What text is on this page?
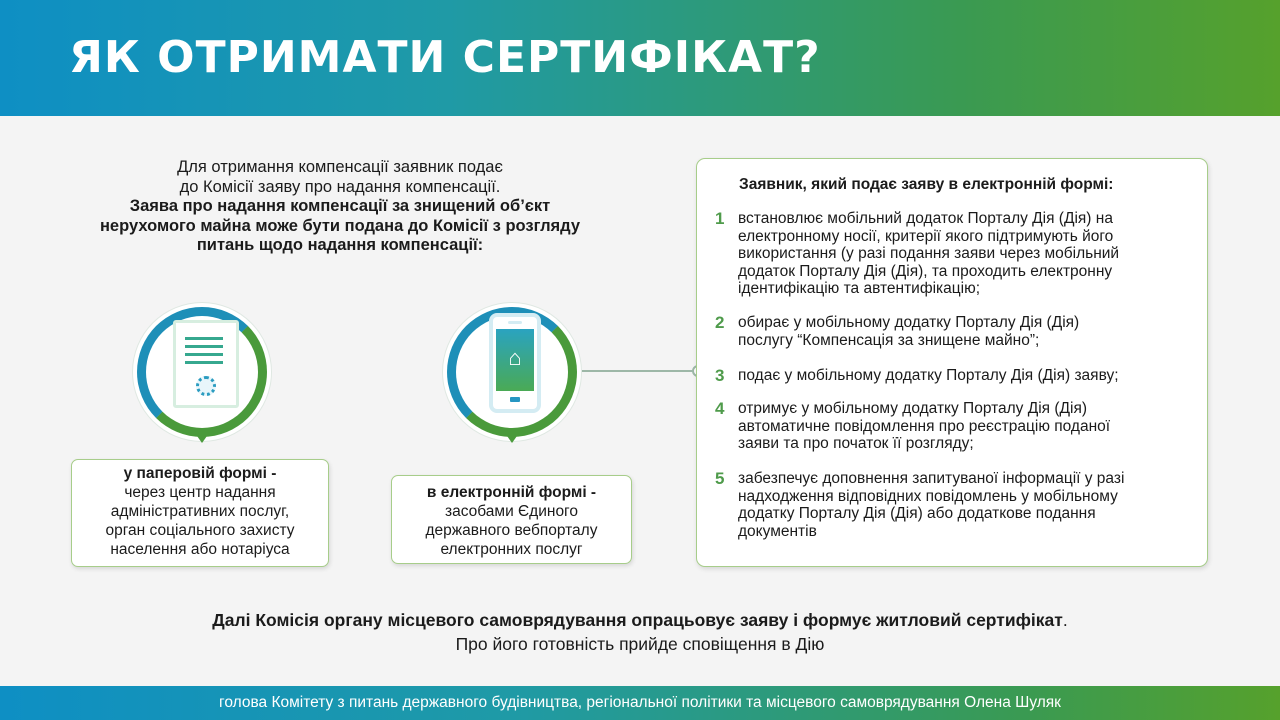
ЯК ОТРИМАТИ СЕРТИФІКАТ?
Для отримання компенсації заявник подає
до Комісії заяву про надання компенсації.
Заява про надання компенсації за знищений об’єкт
нерухомого майна може бути подана до Комісії з розгляду
питань щодо надання компенсації:
⌂
у паперовій формі -
через центр надання
адміністративних послуг,
орган соціального захисту
населення або нотаріуса
в електронній формі -
засобами Єдиного
державного вебпорталу
електронних послуг
Заявник, який подає заяву в електронній формі:
1 встановлює мобільний додаток Порталу Дія (Дія) на
електронному носії, критерії якого підтримують його
використання (у разі подання заяви через мобільний
додаток Порталу Дія (Дія), та проходить електронну
ідентифікацію та автентифікацію;
2 обирає у мобільному додатку Порталу Дія (Дія)
послугу “Компенсація за знищене майно”;
3 подає у мобільному додатку Порталу Дія (Дія) заяву;
4 отримує у мобільному додатку Порталу Дія (Дія)
автоматичне повідомлення про реєстрацію поданої
заяви та про початок її розгляду;
5 забезпечує доповнення запитуваної інформації у разі
надходження відповідних повідомлень у мобільному
додатку Порталу Дія (Дія) або додаткове подання
документів
Далі Комісія органу місцевого самоврядування опрацьовує заяву і формує житловий сертифікат.
Про його готовність прийде сповіщення в Дію
голова Комітету з питань державного будівництва, регіональної політики та місцевого самоврядування Олена Шуляк
